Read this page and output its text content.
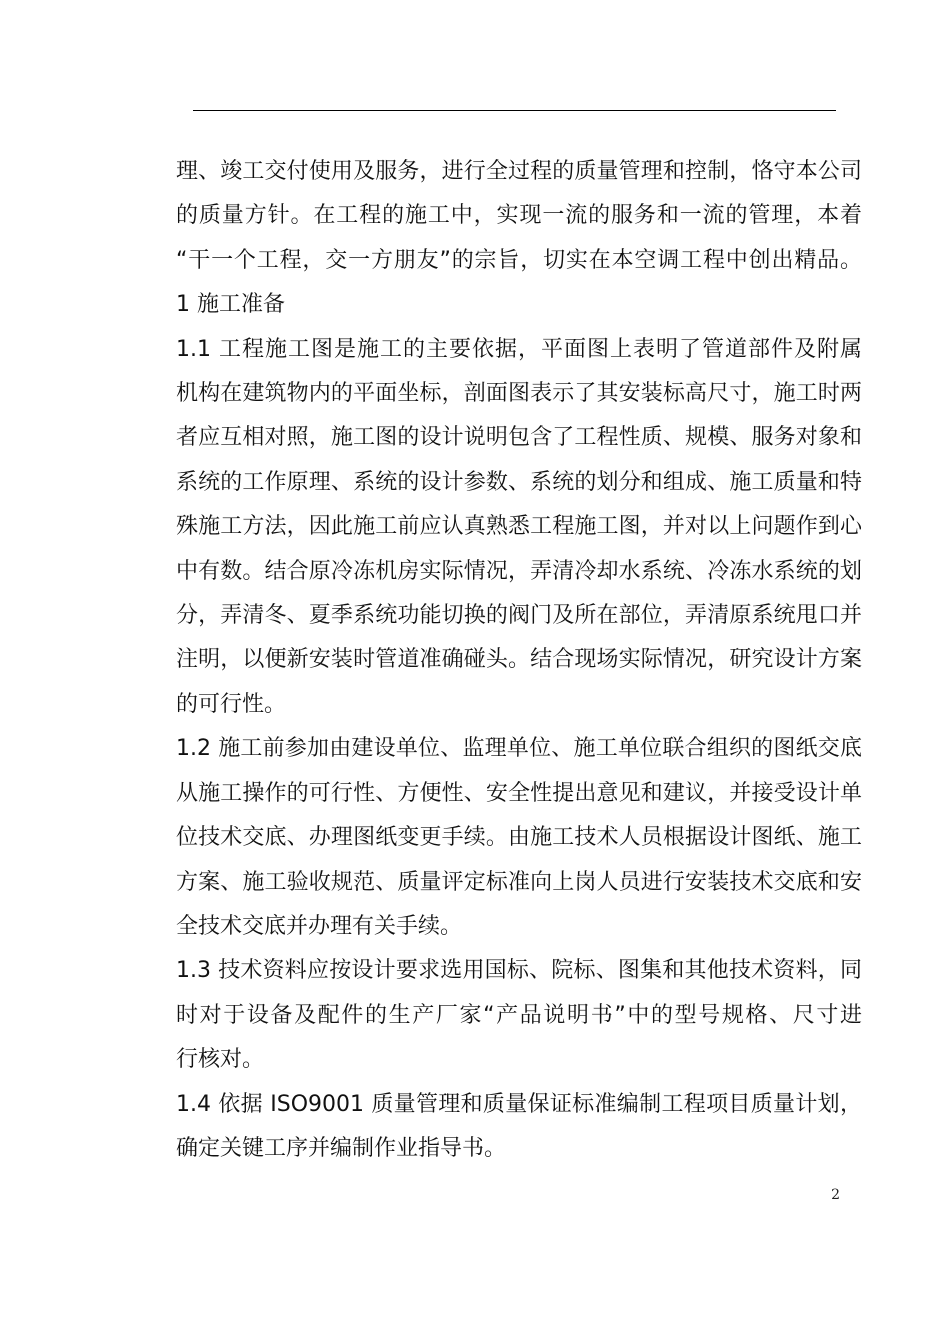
理、竣工交付使用及服务，进行全过程的质量管理和控制，恪守本公司
的质量方针。在工程的施工中，实现一流的服务和一流的管理，本着
“干一个工程，交一方朋友”的宗旨，切实在本空调工程中创出精品。
1 施工准备
1.1 工程施工图是施工的主要依据，平面图上表明了管道部件及附属
机构在建筑物内的平面坐标，剖面图表示了其安装标高尺寸，施工时两
者应互相对照，施工图的设计说明包含了工程性质、规模、服务对象和
系统的工作原理、系统的设计参数、系统的划分和组成、施工质量和特
殊施工方法，因此施工前应认真熟悉工程施工图，并对以上问题作到心
中有数。结合原冷冻机房实际情况，弄清冷却水系统、冷冻水系统的划
分，弄清冬、夏季系统功能切换的阀门及所在部位，弄清原系统甩口并
注明，以便新安装时管道准确碰头。结合现场实际情况，研究设计方案
的可行性。
1.2 施工前参加由建设单位、监理单位、施工单位联合组织的图纸交底
从施工操作的可行性、方便性、安全性提出意见和建议，并接受设计单
位技术交底、办理图纸变更手续。由施工技术人员根据设计图纸、施工
方案、施工验收规范、质量评定标准向上岗人员进行安装技术交底和安
全技术交底并办理有关手续。
1.3 技术资料应按设计要求选用国标、院标、图集和其他技术资料，同
时对于设备及配件的生产厂家“产品说明书”中的型号规格、尺寸进
行核对。
1.4 依据 ISO9001 质量管理和质量保证标准编制工程项目质量计划，
确定关键工序并编制作业指导书。
2
